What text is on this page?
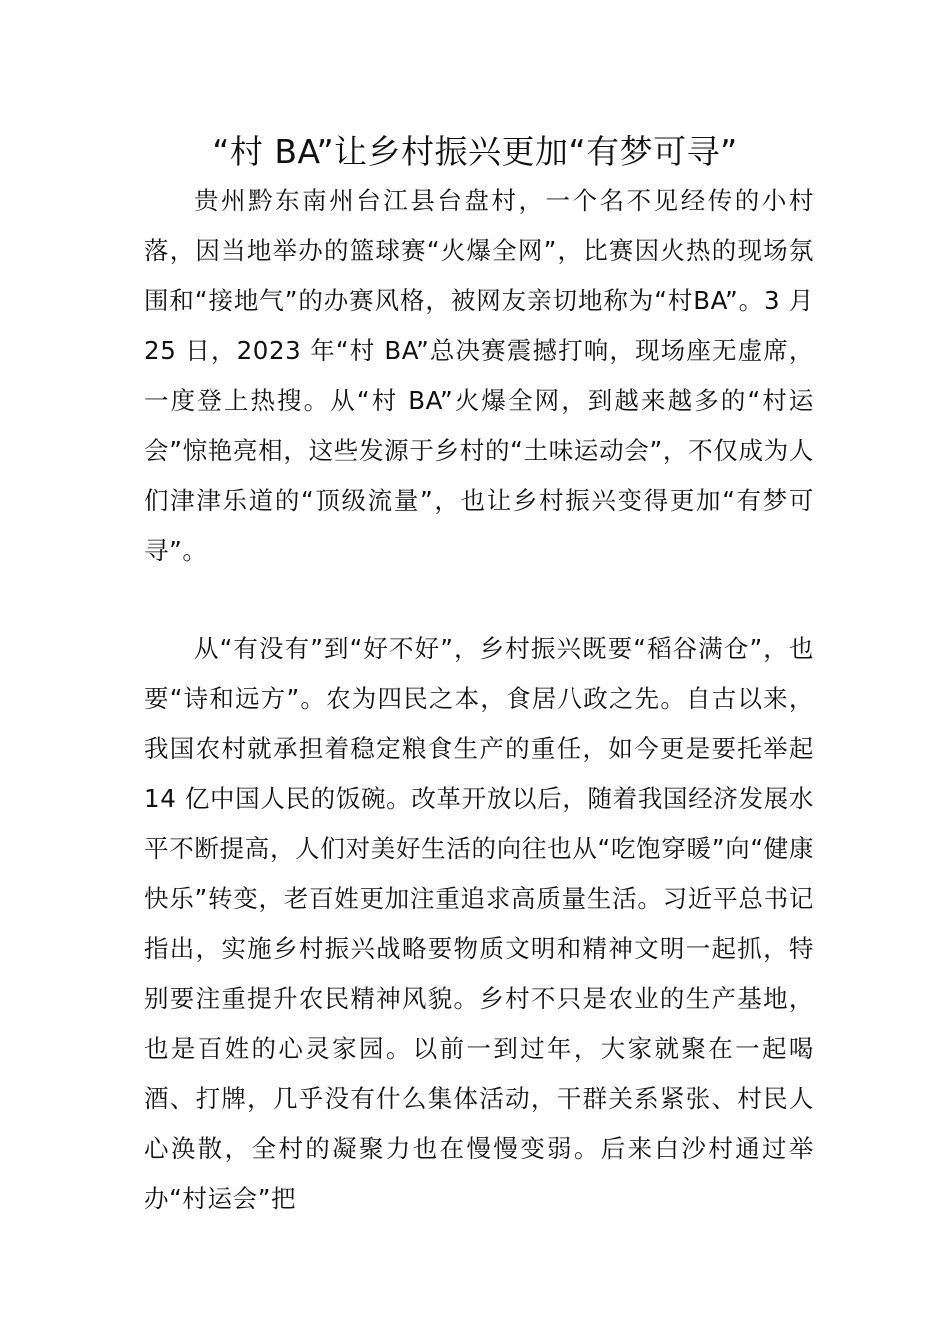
“村 BA”让乡村振兴更加“有梦可寻”

贵州黔东南州台江县台盘村，一个名不见经传的小村落，因当地举办的篮球赛“火爆全网”，比赛因火热的现场氛围和“接地气”的办赛风格，被网友亲切地称为“村BA”。3 月 25 日，2023 年“村 BA”总决赛震撼打响，现场座无虚席，一度登上热搜。从“村 BA”火爆全网，到越来越多的“村运会”惊艳亮相，这些发源于乡村的“土味运动会”，不仅成为人们津津乐道的“顶级流量”，也让乡村振兴变得更加“有梦可寻”。

从“有没有”到“好不好”，乡村振兴既要“稻谷满仓”，也要“诗和远方”。农为四民之本，食居八政之先。自古以来，我国农村就承担着稳定粮食生产的重任，如今更是要托举起 14 亿中国人民的饭碗。改革开放以后，随着我国经济发展水平不断提高，人们对美好生活的向往也从“吃饱穿暖”向“健康快乐”转变，老百姓更加注重追求高质量生活。习近平总书记指出，实施乡村振兴战略要物质文明和精神文明一起抓，特别要注重提升农民精神风貌。乡村不只是农业的生产基地，也是百姓的心灵家园。以前一到过年，大家就聚在一起喝酒、打牌，几乎没有什么集体活动，干群关系紧张、村民人心涣散，全村的凝聚力也在慢慢变弱。后来白沙村通过举办“村运会”把
